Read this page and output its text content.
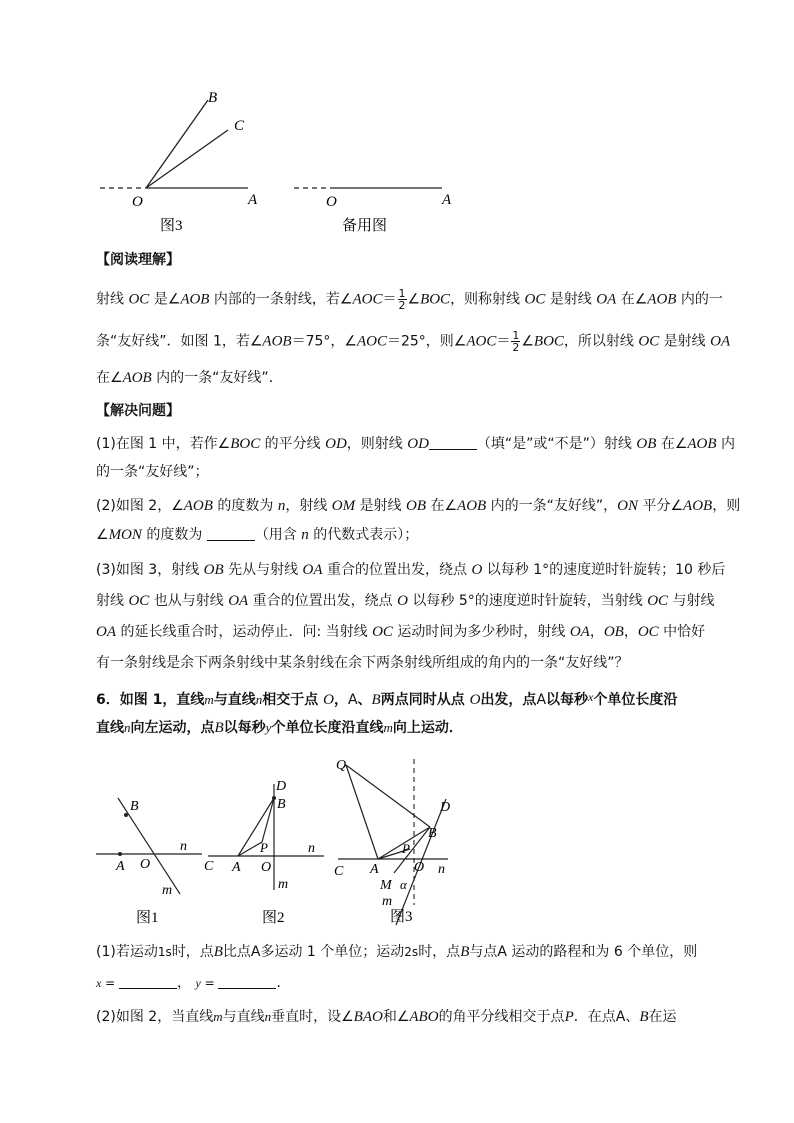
B
C
O	A
图3
O	A
备用图
【阅读理解】
射线 OC 是∠AOB 内部的一条射线，若∠AOC＝ $\frac{1}{2}$ ∠BOC，则称射线 OC 是射线 OA 在∠AOB 内的一
条“友好线”．如图 1，若∠AOB＝75°，∠AOC＝25°，则∠AOC＝ $\frac{1}{2}$ ∠BOC，所以射线 OC 是射线 OA
在∠AOB 内的一条“友好线”．
【解决问题】
(1)在图 1 中，若作∠BOC 的平分线 OD，则射线 OD	（填“是”或“不是”）射线 OB 在∠AOB 内
的一条“友好线”；
(2)如图 2，∠AOB 的度数为 n，射线 OM 是射线 OB 在∠AOB 内的一条“友好线”，ON 平分∠AOB，则
∠MON 的度数为	（用含 n 的代数式表示）；
(3)如图 3，射线 OB 先从与射线 OA 重合的位置出发，绕点 O 以每秒 1°的速度逆时针旋转；10 秒后
射线 OC 也从与射线 OA 重合的位置出发，绕点 O 以每秒 5°的速度逆时针旋转，当射线 OC 与射线
OA 的延长线重合时，运动停止．问: 当射线 OC 运动时间为多少秒时，射线 OA，OB，OC 中恰好
有一条射线是余下两条射线中某条射线在余下两条射线所组成的角内的一条“友好线”？
6．如图 1，直线m与直线n相交于点 O，A、B两点同时从点 O出发，点A以每秒x个单位长度沿
直线n向左运动，点B以每秒y个单位长度沿直线m向上运动．
B
n
A O
m
图1
D
B
C
P	n
A O
m
图2
Q
D
B
P
C A	O n
M α
m
图3
(1)若运动1s时，点B比点A多运动 1 个单位；运动2s时，点B与点A 运动的路程和为 6 个单位，则
x =	， y =	．
(2)如图 2，当直线m与直线n垂直时，设∠BAO和∠ABO的角平分线相交于点P．在点A、B在运
